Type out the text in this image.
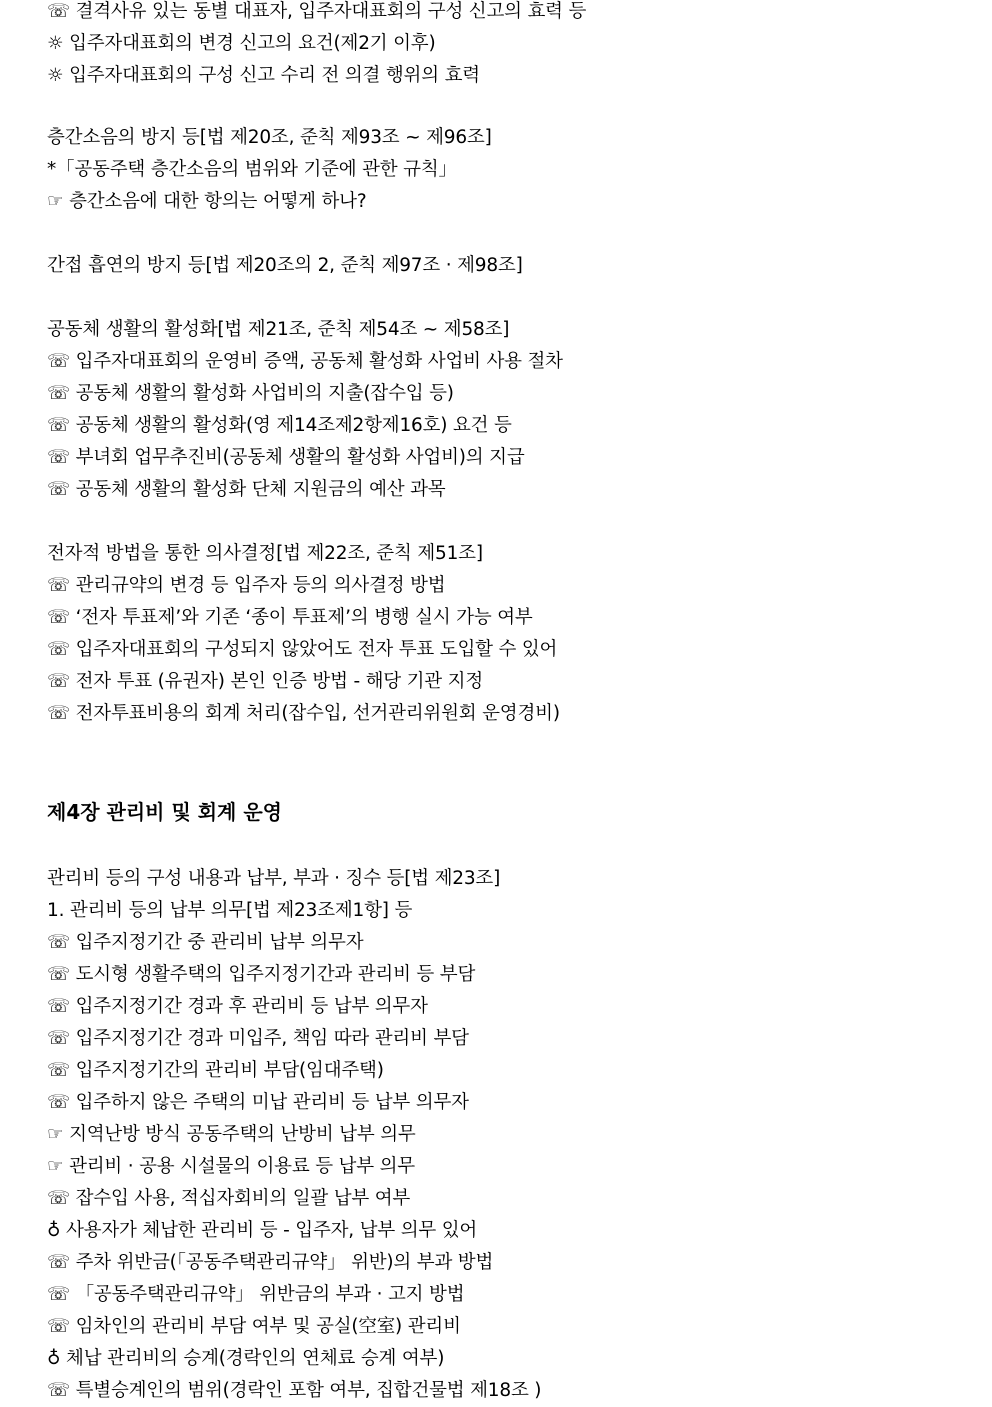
☏ 결격사유 있는 동별 대표자, 입주자대표회의 구성 신고의 효력 등
☼ 입주자대표회의 변경 신고의 요건(제2기 이후)
☼ 입주자대표회의 구성 신고 수리 전 의결 행위의 효력
층간소음의 방지 등[법 제20조, 준칙 제93조 ~ 제96조]
*「공동주택 층간소음의 범위와 기준에 관한 규칙」
☞ 층간소음에 대한 항의는 어떻게 하나?
간접 흡연의 방지 등[법 제20조의 2, 준칙 제97조 · 제98조]
공동체 생활의 활성화[법 제21조, 준칙 제54조 ~ 제58조]
☏ 입주자대표회의 운영비 증액, 공동체 활성화 사업비 사용 절차
☏ 공동체 생활의 활성화 사업비의 지출(잡수입 등)
☏ 공동체 생활의 활성화(영 제14조제2항제16호) 요건 등
☏ 부녀회 업무추진비(공동체 생활의 활성화 사업비)의 지급
☏ 공동체 생활의 활성화 단체 지원금의 예산 과목
전자적 방법을 통한 의사결정[법 제22조, 준칙 제51조]
☏ 관리규약의 변경 등 입주자 등의 의사결정 방법
☏ ‘전자 투표제’와 기존 ‘종이 투표제’의 병행 실시 가능 여부
☏ 입주자대표회의 구성되지 않았어도 전자 투표 도입할 수 있어
☏ 전자 투표 (유권자) 본인 인증 방법 - 해당 기관 지정
☏ 전자투표비용의 회계 처리(잡수입, 선거관리위원회 운영경비)
제4장 관리비 및 회계 운영
관리비 등의 구성 내용과 납부, 부과 · 징수 등[법 제23조]
1. 관리비 등의 납부 의무[법 제23조제1항] 등
☏ 입주지정기간 중 관리비 납부 의무자
☏ 도시형 생활주택의 입주지정기간과 관리비 등 부담
☏ 입주지정기간 경과 후 관리비 등 납부 의무자
☏ 입주지정기간 경과 미입주, 책임 따라 관리비 부담
☏ 입주지정기간의 관리비 부담(임대주택)
☏ 입주하지 않은 주택의 미납 관리비 등 납부 의무자
☞ 지역난방 방식 공동주택의 난방비 납부 의무
☞ 관리비 · 공용 시설물의 이용료 등 납부 의무
☏ 잡수입 사용, 적십자회비의 일괄 납부 여부
♁ 사용자가 체납한 관리비 등 - 입주자, 납부 의무 있어
☏ 주차 위반금(「공동주택관리규약」 위반)의 부과 방법
☏ 「공동주택관리규약」 위반금의 부과 · 고지 방법
☏ 임차인의 관리비 부담 여부 및 공실(空室) 관리비
♁ 체납 관리비의 승계(경락인의 연체료 승계 여부)
☏ 특별승계인의 범위(경락인 포함 여부, 집합건물법 제18조 )
